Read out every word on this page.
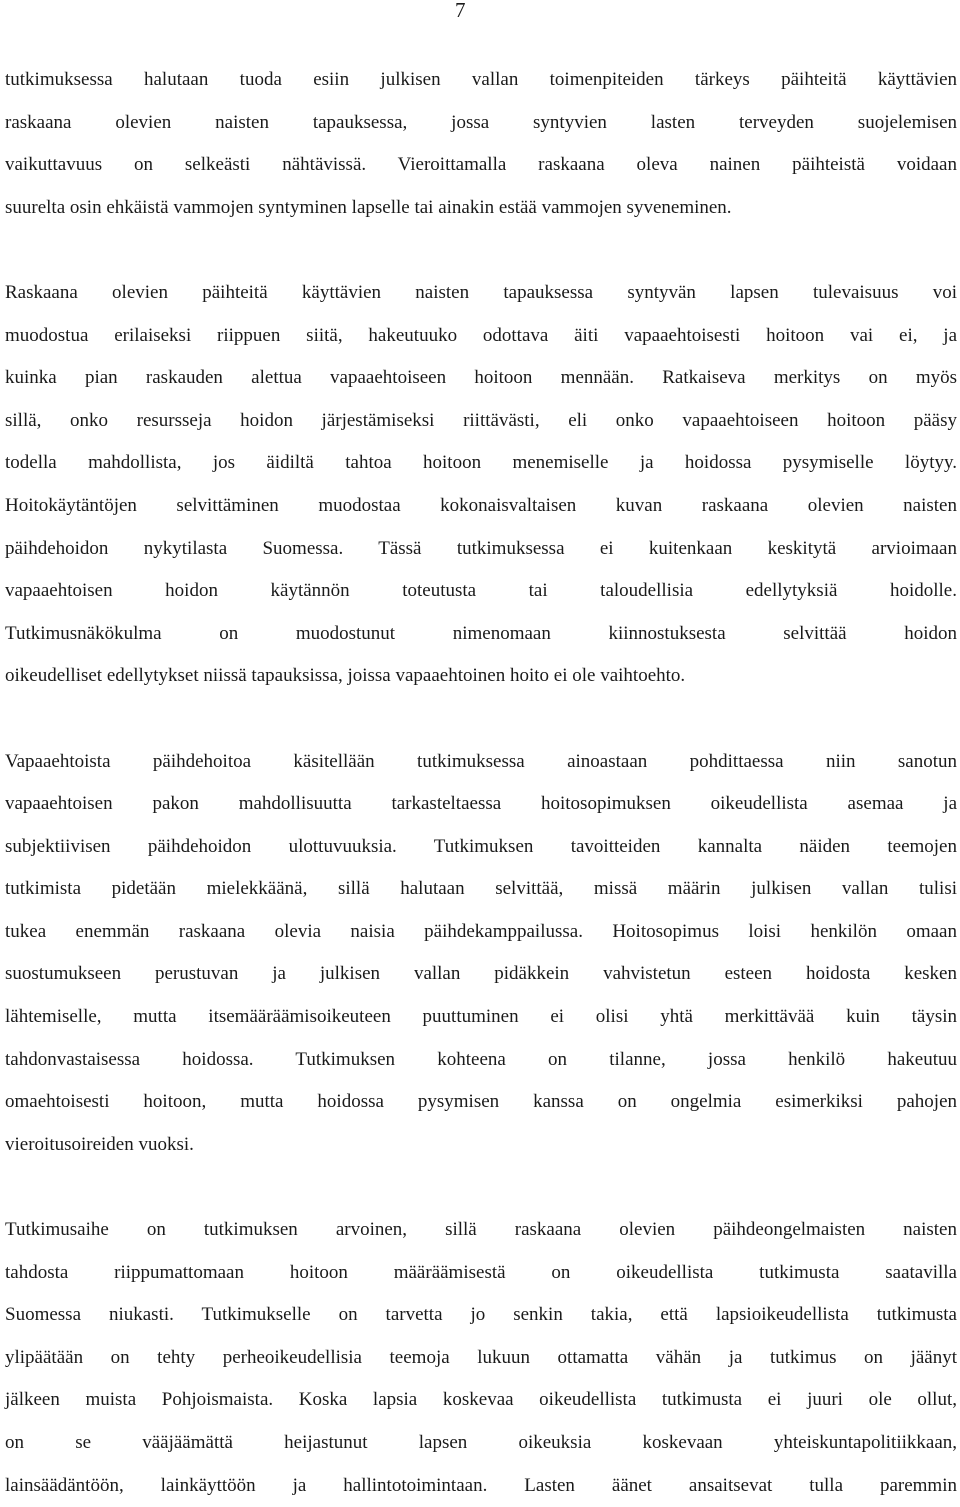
7
tutkimuksessa halutaan tuoda esiin julkisen vallan toimenpiteiden tärkeys päihteitä käyttävien
raskaana olevien naisten tapauksessa, jossa syntyvien lasten terveyden suojelemisen
vaikuttavuus on selkeästi nähtävissä. Vieroittamalla raskaana oleva nainen päihteistä voidaan
suurelta osin ehkäistä vammojen syntyminen lapselle tai ainakin estää vammojen syveneminen.
Raskaana olevien päihteitä käyttävien naisten tapauksessa syntyvän lapsen tulevaisuus voi
muodostua erilaiseksi riippuen siitä, hakeutuuko odottava äiti vapaaehtoisesti hoitoon vai ei, ja
kuinka pian raskauden alettua vapaaehtoiseen hoitoon mennään. Ratkaiseva merkitys on myös
sillä, onko resursseja hoidon järjestämiseksi riittävästi, eli onko vapaaehtoiseen hoitoon pääsy
todella mahdollista, jos äidiltä tahtoa hoitoon menemiselle ja hoidossa pysymiselle löytyy.
Hoitokäytäntöjen selvittäminen muodostaa kokonaisvaltaisen kuvan raskaana olevien naisten
päihdehoidon nykytilasta Suomessa. Tässä tutkimuksessa ei kuitenkaan keskitytä arvioimaan
vapaaehtoisen hoidon käytännön toteutusta tai taloudellisia edellytyksiä hoidolle.
Tutkimusnäkökulma on muodostunut nimenomaan kiinnostuksesta selvittää hoidon
oikeudelliset edellytykset niissä tapauksissa, joissa vapaaehtoinen hoito ei ole vaihtoehto.
Vapaaehtoista päihdehoitoa käsitellään tutkimuksessa ainoastaan pohdittaessa niin sanotun
vapaaehtoisen pakon mahdollisuutta tarkasteltaessa hoitosopimuksen oikeudellista asemaa ja
subjektiivisen päihdehoidon ulottuvuuksia. Tutkimuksen tavoitteiden kannalta näiden teemojen
tutkimista pidetään mielekkäänä, sillä halutaan selvittää, missä määrin julkisen vallan tulisi
tukea enemmän raskaana olevia naisia päihdekamppailussa. Hoitosopimus loisi henkilön omaan
suostumukseen perustuvan ja julkisen vallan pidäkkein vahvistetun esteen hoidosta kesken
lähtemiselle, mutta itsemääräämisoikeuteen puuttuminen ei olisi yhtä merkittävää kuin täysin
tahdonvastaisessa hoidossa. Tutkimuksen kohteena on tilanne, jossa henkilö hakeutuu
omaehtoisesti hoitoon, mutta hoidossa pysymisen kanssa on ongelmia esimerkiksi pahojen
vieroitusoireiden vuoksi.
Tutkimusaihe on tutkimuksen arvoinen, sillä raskaana olevien päihdeongelmaisten naisten
tahdosta riippumattomaan hoitoon määräämisestä on oikeudellista tutkimusta saatavilla
Suomessa niukasti. Tutkimukselle on tarvetta jo senkin takia, että lapsioikeudellista tutkimusta
ylipäätään on tehty perheoikeudellisia teemoja lukuun ottamatta vähän ja tutkimus on jäänyt
jälkeen muista Pohjoismaista. Koska lapsia koskevaa oikeudellista tutkimusta ei juuri ole ollut,
on se vääjäämättä heijastunut lapsen oikeuksia koskevaan yhteiskuntapolitiikkaan,
lainsäädäntöön, lainkäyttöön ja hallintotoimintaan. Lasten äänet ansaitsevat tulla paremmin
